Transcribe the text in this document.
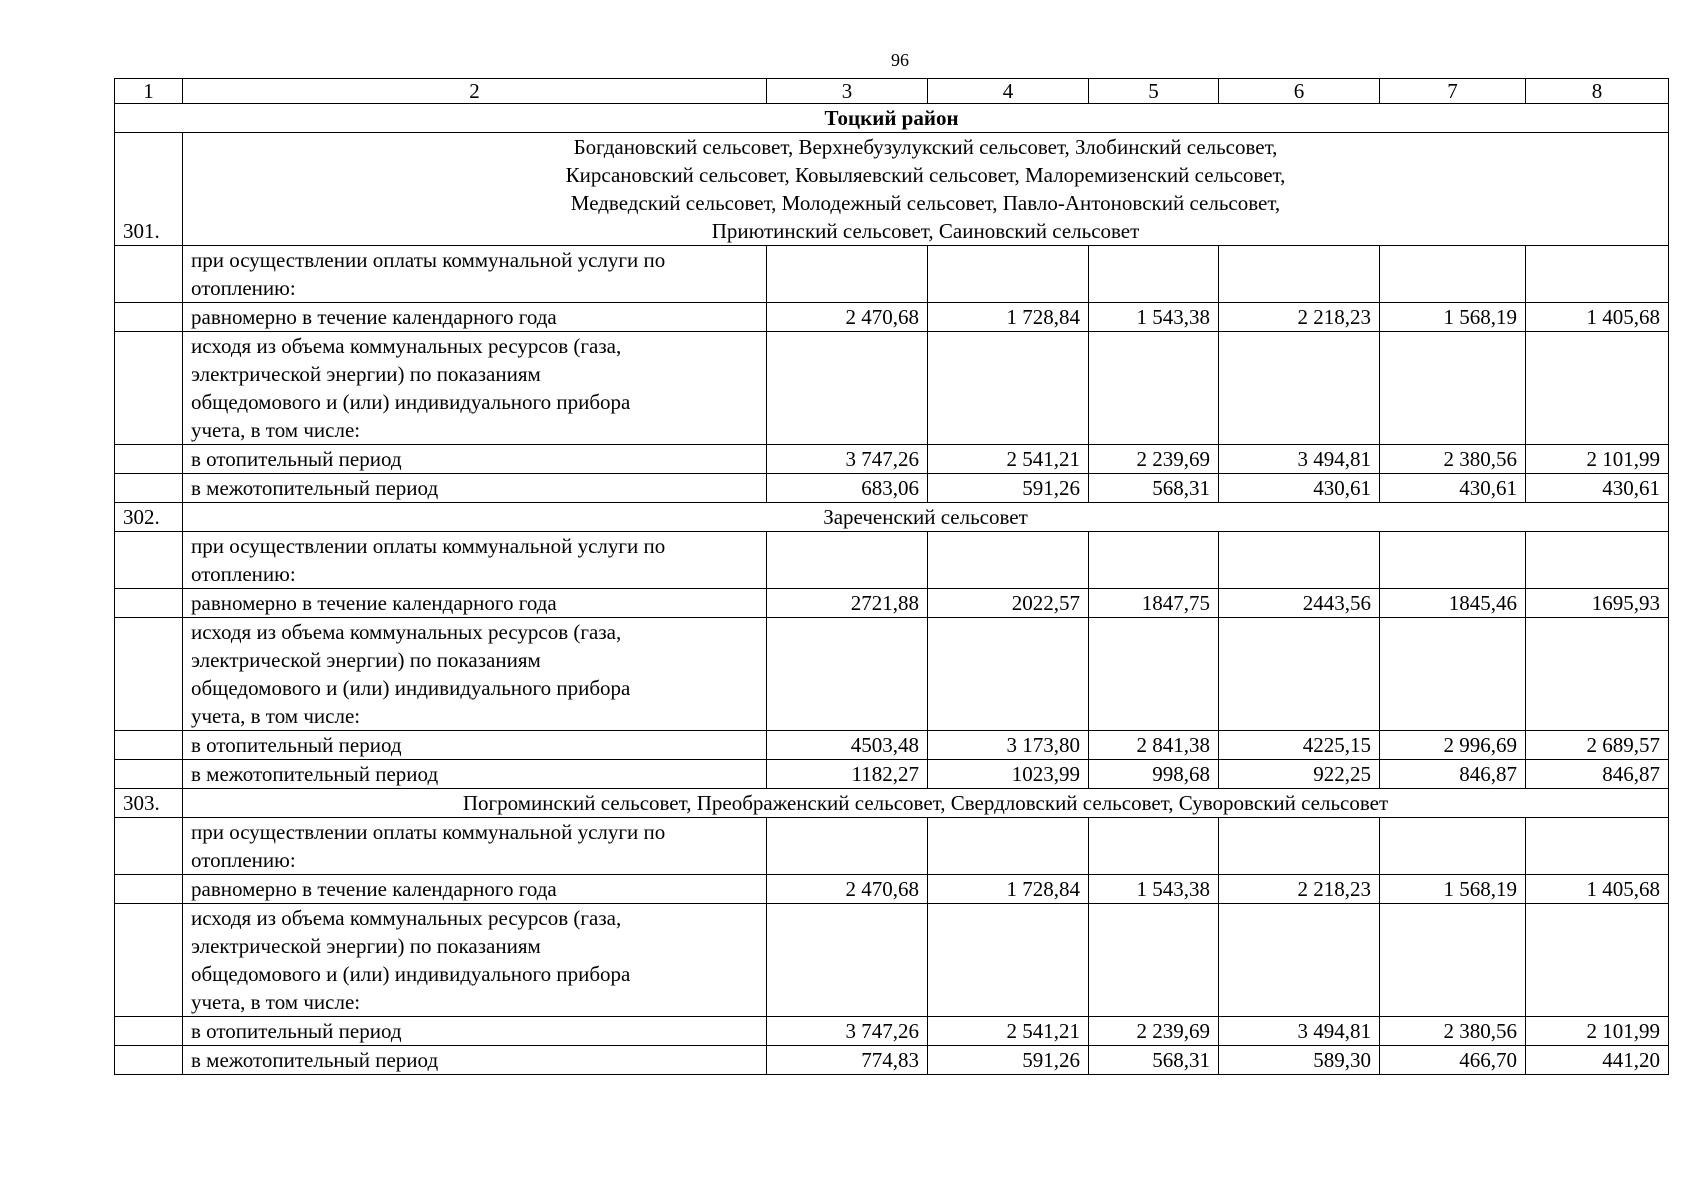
96
1	2	3	4	5	6	7	8
Тоцкий район							
301.	Богдановский сельсовет, Верхнебузулукский сельсовет, Злобинский сельсовет,
Кирсановский сельсовет, Ковыляевский сельсовет, Малоремизенский сельсовет,
Медведский сельсовет, Молодежный сельсовет, Павло-Антоновский сельсовет,
Приютинский сельсовет, Саиновский сельсовет						

	при осуществлении оплаты коммунальной услуги по
отоплению:						

	равномерно в течение календарного года	2 470,68	1 728,84	1 543,38	2 218,23	1 568,19	1 405,68

	исходя из объема коммунальных ресурсов (газа,
электрической энергии) по показаниям
общедомового и (или) индивидуального прибора
учета, в том числе:						

	в отопительный период	3 747,26	2 541,21	2 239,69	3 494,81	2 380,56	2 101,99

	в межотопительный период	683,06	591,26	568,31	430,61	430,61	430,61
302.	Зареченский сельсовет						

	при осуществлении оплаты коммунальной услуги по
отоплению:						

	равномерно в течение календарного года	2721,88	2022,57	1847,75	2443,56	1845,46	1695,93

	исходя из объема коммунальных ресурсов (газа,
электрической энергии) по показаниям
общедомового и (или) индивидуального прибора
учета, в том числе:						

	в отопительный период	4503,48	3 173,80	2 841,38	4225,15	2 996,69	2 689,57

	в межотопительный период	1182,27	1023,99	998,68	922,25	846,87	846,87
303.	Погроминский сельсовет, Преображенский сельсовет, Свердловский сельсовет, Суворовский сельсовет						

	при осуществлении оплаты коммунальной услуги по
отоплению:						

	равномерно в течение календарного года	2 470,68	1 728,84	1 543,38	2 218,23	1 568,19	1 405,68

	исходя из объема коммунальных ресурсов (газа,
электрической энергии) по показаниям
общедомового и (или) индивидуального прибора
учета, в том числе:						

	в отопительный период	3 747,26	2 541,21	2 239,69	3 494,81	2 380,56	2 101,99

	в межотопительный период	774,83	591,26	568,31	589,30	466,70	441,20
